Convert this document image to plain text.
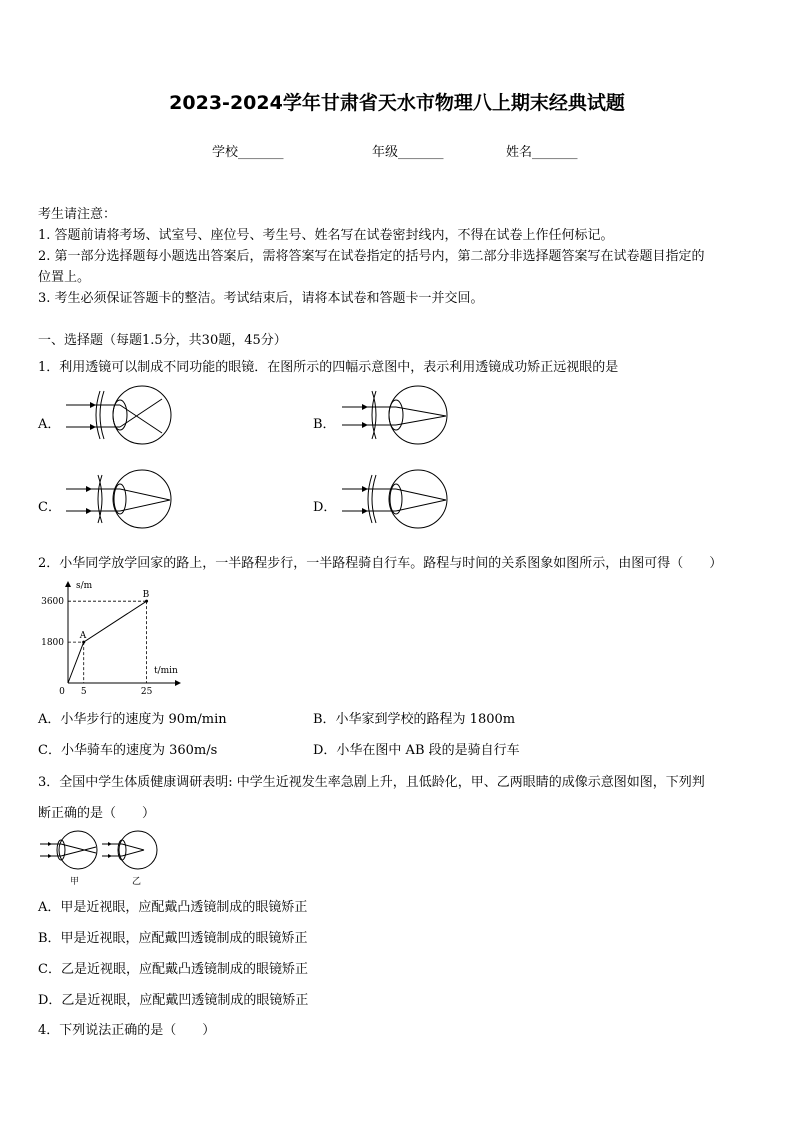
2023-2024学年甘肃省天水市物理八上期末经典试题
学校_______	年级_______	姓名_______
考生请注意：
1. 答题前请将考场、试室号、座位号、考生号、姓名写在试卷密封线内，不得在试卷上作任何标记。
2. 第一部分选择题每小题选出答案后，需将答案写在试卷指定的括号内，第二部分非选择题答案写在试卷题目指定的
位置上。
3. 考生必须保证答题卡的整洁。考试结束后，请将本试卷和答题卡一并交回。
一、选择题（每题1.5分，共30题，45分）
1．利用透镜可以制成不同功能的眼镜．在图所示的四幅示意图中，表示利用透镜成功矫正远视眼的是
A．	B．
C．	D．
2．小华同学放学回家的路上，一半路程步行，一半路程骑自行车。路程与时间的关系图象如图所示，由图可得（　　）
s/m
t/min
A
B
1800
3600
0 5	25
A．小华步行的速度为 90m/min	B．小华家到学校的路程为 1800m
C．小华骑车的速度为 360m/s	D．小华在图中 AB 段的是骑自行车
3．全国中学生体质健康调研表明: 中学生近视发生率急剧上升，且低龄化，甲、乙两眼睛的成像示意图如图，下列判
断正确的是（　　）
甲	乙
A．甲是近视眼，应配戴凸透镜制成的眼镜矫正
B．甲是近视眼，应配戴凹透镜制成的眼镜矫正
C．乙是近视眼，应配戴凸透镜制成的眼镜矫正
D．乙是近视眼，应配戴凹透镜制成的眼镜矫正
4．下列说法正确的是（　　）
